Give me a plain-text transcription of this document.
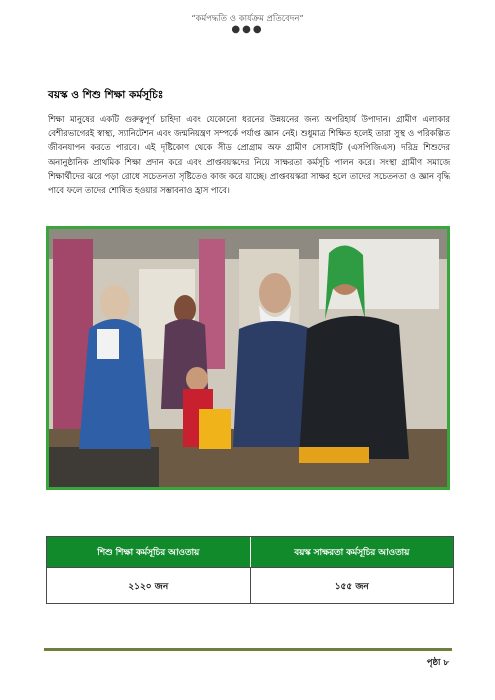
“কর্মপদ্ধতি ও কার্যক্রম প্রতিবেদন”
●●●
বয়স্ক ও শিশু শিক্ষা কর্মসূচিঃ
শিক্ষা মানুষের একটি গুরুত্বপূর্ণ চাহিদা এবং যেকোনো ধরনের উন্নয়নের জন্য অপরিহার্য উপাদান। গ্রামীণ এলাকার বেশীরভাগেরই স্বাস্থ্য, স্যানিটেশন এবং জন্মনিয়ন্ত্রণ সম্পর্কে পর্যাপ্ত জ্ঞান নেই। শুধুমাত্র শিক্ষিত হলেই তারা সুস্থ ও পরিকল্পিত জীবনযাপন করতে পারবে। এই দৃষ্টিকোণ থেকে সীড প্রোগ্রাম অফ গ্রামীণ সোসাইটি (এসপিজিএস) দরিদ্র শিশুদের অনানুষ্ঠানিক প্রাথমিক শিক্ষা প্রদান করে এবং প্রাপ্তবয়স্কদের নিয়ে সাক্ষরতা কর্মসূচি পালন করে। সংস্থা গ্রামীণ সমাজে শিক্ষার্থীদের ঝরে পড়া রোধে সচেতনতা সৃষ্টিতেও কাজ করে যাচ্ছে। প্রাপ্তবয়স্করা সাক্ষর হলে তাদের সচেতনতা ও জ্ঞান বৃদ্ধি পাবে ফলে তাদের শোষিত হওয়ার সম্ভাবনাও হ্রাস পাবে।
শিশু শিক্ষা কর্মসূচির আওতায়	বয়স্ক সাক্ষরতা কর্মসূচির আওতায়
২১২০ জন	১৫৫ জন
পৃষ্ঠা ৮
